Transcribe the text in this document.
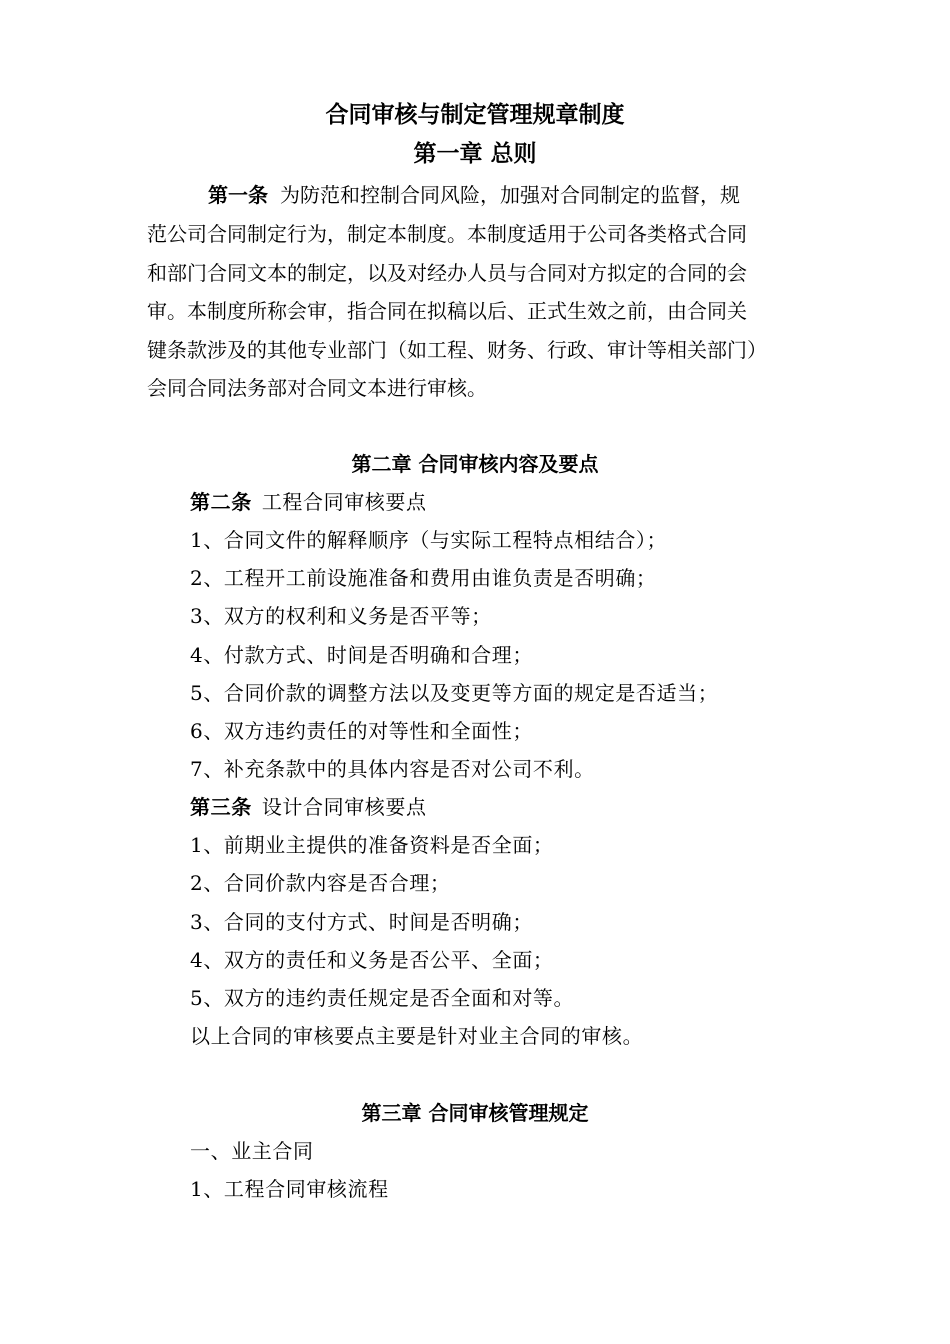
合同审核与制定管理规章制度
第一章 总则
第一条 为防范和控制合同风险，加强对合同制定的监督，规
范公司合同制定行为，制定本制度。本制度适用于公司各类格式合同
和部门合同文本的制定，以及对经办人员与合同对方拟定的合同的会
审。本制度所称会审，指合同在拟稿以后、正式生效之前，由合同关
键条款涉及的其他专业部门（如工程、财务、行政、审计等相关部门）
会同合同法务部对合同文本进行审核。
第二章 合同审核内容及要点
第二条 工程合同审核要点
1、合同文件的解释顺序（与实际工程特点相结合）；
2、工程开工前设施准备和费用由谁负责是否明确；
3、双方的权利和义务是否平等；
4、付款方式、时间是否明确和合理；
5、合同价款的调整方法以及变更等方面的规定是否适当；
6、双方违约责任的对等性和全面性；
7、补充条款中的具体内容是否对公司不利。
第三条 设计合同审核要点
1、前期业主提供的准备资料是否全面；
2、合同价款内容是否合理；
3、合同的支付方式、时间是否明确；
4、双方的责任和义务是否公平、全面；
5、双方的违约责任规定是否全面和对等。
以上合同的审核要点主要是针对业主合同的审核。
第三章 合同审核管理规定
一、业主合同
1、工程合同审核流程
